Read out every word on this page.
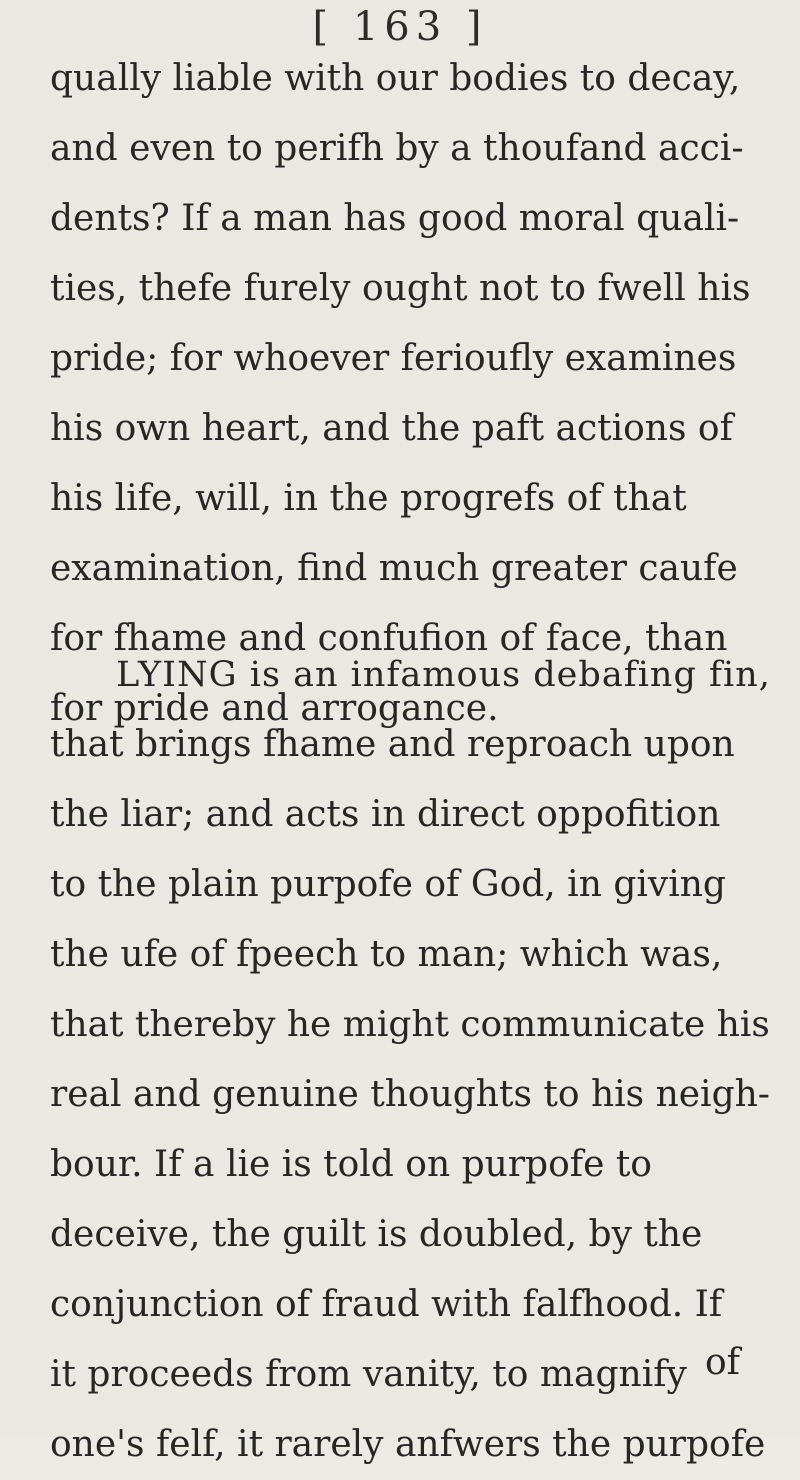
[ 163 ]
qually liable with our bodies to decay,
and even to perifh by a thoufand acci-
dents? If a man has good moral quali-
ties, thefe furely ought not to fwell his
pride; for whoever ferioufly examines
his own heart, and the paft actions of
his life, will, in the progrefs of that
examination, find much greater caufe
for fhame and confufion of face, than
for pride and arrogance.
LYING is an infamous debafing fin,
that brings fhame and reproach upon
the liar; and acts in direct oppofition
to the plain purpofe of God, in giving
the ufe of fpeech to man; which was,
that thereby he might communicate his
real and genuine thoughts to his neigh-
bour. If a lie is told on purpofe to
deceive, the guilt is doubled, by the
conjunction of fraud with falfhood. If
it proceeds from vanity, to magnify
one's felf, it rarely anfwers the purpofe
of
